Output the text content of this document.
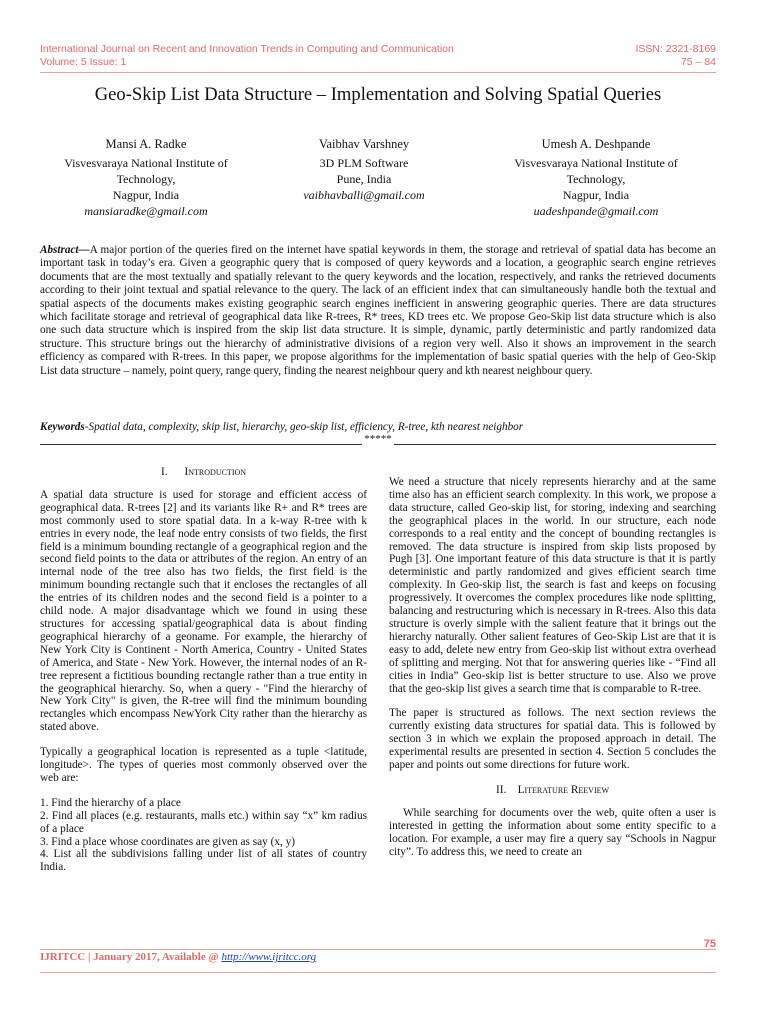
International Journal on Recent and Innovation Trends in Computing and Communication
Volume: 5 Issue: 1
ISSN: 2321-8169
75 – 84
Geo-Skip List Data Structure – Implementation and Solving Spatial Queries
Mansi A. Radke
Visvesvaraya National Institute of
Technology,
Nagpur, India
mansiaradke@gmail.com
Vaibhav Varshney
3D PLM Software
Pune, India
vaibhavballi@gmail.com
Umesh A. Deshpande
Visvesvaraya National Institute of
Technology,
Nagpur, India
uadeshpande@gmail.com
Abstract—A major portion of the queries fired on the internet have spatial keywords in them, the storage and retrieval of spatial data has become an important task in today’s era. Given a geographic query that is composed of query keywords and a location, a geographic search engine retrieves documents that are the most textually and spatially relevant to the query keywords and the location, respectively, and ranks the retrieved documents according to their joint textual and spatial relevance to the query. The lack of an efficient index that can simultaneously handle both the textual and spatial aspects of the documents makes existing geographic search engines inefficient in answering geographic queries. There are data structures which facilitate storage and retrieval of geographical data like R-trees, R* trees, KD trees etc. We propose Geo-Skip list data structure which is also one such data structure which is inspired from the skip list data structure. It is simple, dynamic, partly deterministic and partly randomized data structure. This structure brings out the hierarchy of administrative divisions of a region very well. Also it shows an improvement in the search efficiency as compared with R-trees. In this paper, we propose algorithms for the implementation of basic spatial queries with the help of Geo-Skip List data structure – namely, point query, range query, finding the nearest neighbour query and kth nearest neighbour query.
Keywords-Spatial data, complexity, skip list, hierarchy, geo-skip list, efficiency, R-tree, kth nearest neighbor
*****
I. Introduction

A spatial data structure is used for storage and efficient access of geographical data. R-trees [2] and its variants like R+ and R* trees are most commonly used to store spatial data. In a k-way R-tree with k entries in every node, the leaf node entry consists of two fields, the first field is a minimum bounding rectangle of a geographical region and the second field points to the data or attributes of the region. An entry of an internal node of the tree also has two fields, the first field is the minimum bounding rectangle such that it encloses the rectangles of all the entries of its children nodes and the second field is a pointer to a child node. A major disadvantage which we found in using these structures for accessing spatial/geographical data is about finding geographical hierarchy of a geoname. For example, the hierarchy of New York City is Continent - North America, Country - United States of America, and State - New York. However, the internal nodes of an R-tree represent a fictitious bounding rectangle rather than a true entity in the geographical hierarchy. So, when a query - "Find the hierarchy of New York City" is given, the R-tree will find the minimum bounding rectangles which encompass NewYork City rather than the hierarchy as stated above.

Typically a geographical location is represented as a tuple <latitude, longitude>. The types of queries most commonly observed over the web are:

1. Find the hierarchy of a place
2. Find all places (e.g. restaurants, malls etc.) within say “x” km radius of a place
3. Find a place whose coordinates are given as say (x, y)
4. List all the subdivisions falling under list of all states of country India.

We need a structure that nicely represents hierarchy and at the same time also has an efficient search complexity. In this work, we propose a data structure, called Geo-skip list, for storing, indexing and searching the geographical places in the world. In our structure, each node corresponds to a real entity and the concept of bounding rectangles is removed. The data structure is inspired from skip lists proposed by Pugh [3]. One important feature of this data structure is that it is partly deterministic and partly randomized and gives efficient search time complexity. In Geo-skip list, the search is fast and keeps on focusing progressively. It overcomes the complex procedures like node splitting, balancing and restructuring which is necessary in R-trees. Also this data structure is overly simple with the salient feature that it brings out the hierarchy naturally. Other salient features of Geo-Skip List are that it is easy to add, delete new entry from Geo-skip list without extra overhead of splitting and merging. Not that for answering queries like - “Find all cities in India” Geo-skip list is better structure to use. Also we prove that the geo-skip list gives a search time that is comparable to R-tree.

The paper is structured as follows. The next section reviews the currently existing data structures for spatial data. This is followed by section 3 in which we explain the proposed approach in detail. The experimental results are presented in section 4. Section 5 concludes the paper and points out some directions for future work.

II. Literature Reeview

While searching for documents over the web, quite often a user is interested in getting the information about some entity specific to a location. For example, a user may fire a query say “Schools in Nagpur city”. To address this, we need to create an

75
IJRITCC | January 2017, Available @ http://www.ijritcc.org
